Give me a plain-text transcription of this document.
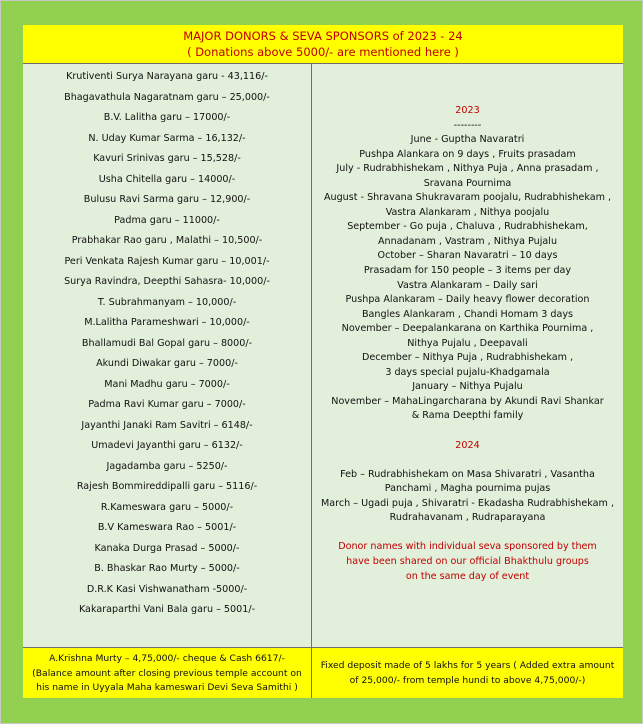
MAJOR DONORS & SEVA SPONSORS of 2023 - 24
( Donations above 5000/- are mentioned here )
Krutiventi Surya Narayana garu - 43,116/-
Bhagavathula Nagaratnam garu – 25,000/-
B.V. Lalitha garu – 17000/-
N. Uday Kumar Sarma – 16,132/-
Kavuri Srinivas garu – 15,528/-
Usha Chitella garu – 14000/-
Bulusu Ravi Sarma garu – 12,900/-
Padma garu – 11000/-
Prabhakar Rao garu , Malathi – 10,500/-
Peri Venkata Rajesh Kumar garu – 10,001/-
Surya Ravindra, Deepthi Sahasra- 10,000/-
T. Subrahmanyam – 10,000/-
M.Lalitha Parameshwari – 10,000/-
Bhallamudi Bal Gopal garu – 8000/-
Akundi Diwakar garu – 7000/-
Mani Madhu garu – 7000/-
Padma Ravi Kumar garu – 7000/-
Jayanthi Janaki Ram Savitri – 6148/-
Umadevi Jayanthi garu – 6132/-
Jagadamba garu – 5250/-
Rajesh Bommireddipalli garu – 5116/-
R.Kameswara garu – 5000/-
B.V Kameswara Rao – 5001/-
Kanaka Durga Prasad – 5000/-
B. Bhaskar Rao Murty – 5000/-
D.R.K Kasi Vishwanatham -5000/-
Kakaraparthi Vani Bala garu – 5001/-
2023
--------
June - Guptha Navaratri
Pushpa Alankara on 9 days , Fruits prasadam
July - Rudrabhishekam , Nithya Puja , Anna prasadam ,
Sravana Pournima
August - Shravana Shukravaram poojalu, Rudrabhishekam ,
Vastra Alankaram , Nithya poojalu
September - Go puja , Chaluva , Rudrabhishekam,
Annadanam , Vastram , Nithya Pujalu
October – Sharan Navaratri – 10 days
Prasadam for 150 people – 3 items per day
Vastra Alankaram – Daily sari
Pushpa Alankaram – Daily heavy flower decoration
Bangles Alankaram , Chandi Homam 3 days
November – Deepalankarana on Karthika Pournima ,
Nithya Pujalu , Deepavali
December – Nithya Puja , Rudrabhishekam ,
3 days special pujalu-Khadgamala
January – Nithya Pujalu
November – MahaLingarcharana by Akundi Ravi Shankar
& Rama Deepthi family
2024
Feb – Rudrabhishekam on Masa Shivaratri , Vasantha
Panchami , Magha pournima pujas
March – Ugadi puja , Shivaratri - Ekadasha Rudrabhishekam ,
Rudrahavanam , Rudraparayana
Donor names with individual seva sponsored by them
have been shared on our official Bhakthulu groups
on the same day of event
A.Krishna Murty – 4,75,000/- cheque & Cash 6617/-
(Balance amount after closing previous temple account on
his name in Uyyala Maha kameswari Devi Seva Samithi )
Fixed deposit made of 5 lakhs for 5 years ( Added extra amount
of 25,000/- from temple hundi to above 4,75,000/-)
